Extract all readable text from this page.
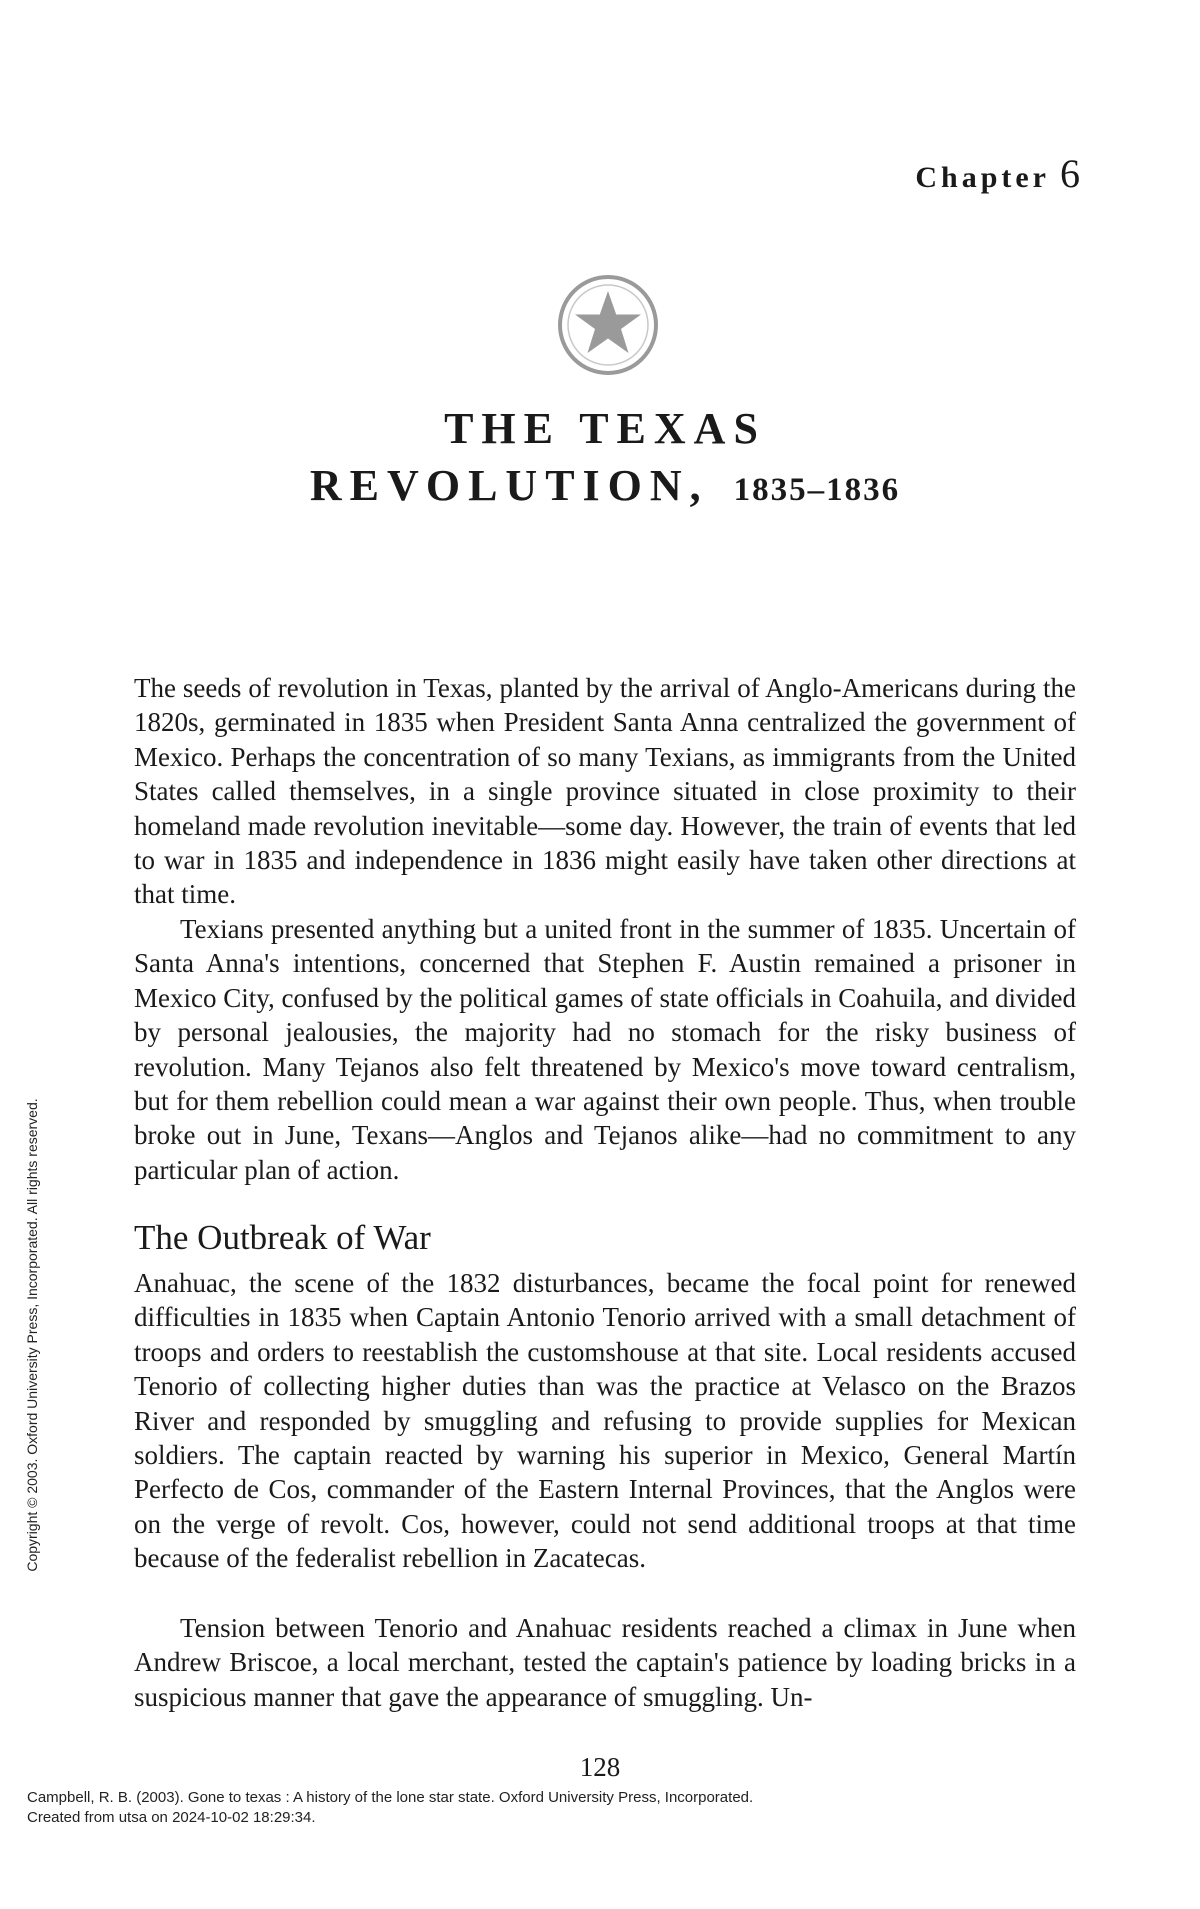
Chapter 6
THE TEXAS
REVOLUTION, 1835–1836

The seeds of revolution in Texas, planted by the arrival of Anglo-Americans during the 1820s, germinated in 1835 when President Santa Anna centralized the government of Mexico. Perhaps the concentration of so many Texians, as immigrants from the United States called themselves, in a single province situated in close proximity to their homeland made revolution inevitable—some day. However, the train of events that led to war in 1835 and independence in 1836 might easily have taken other directions at that time.

Texians presented anything but a united front in the summer of 1835. Uncertain of Santa Anna's intentions, concerned that Stephen F. Austin remained a prisoner in Mexico City, confused by the political games of state officials in Coahuila, and divided by personal jealousies, the majority had no stomach for the risky business of revolution. Many Tejanos also felt threatened by Mexico's move toward centralism, but for them rebellion could mean a war against their own people. Thus, when trouble broke out in June, Texans—Anglos and Tejanos alike—had no commitment to any particular plan of action.

The Outbreak of War

Anahuac, the scene of the 1832 disturbances, became the focal point for renewed difficulties in 1835 when Captain Antonio Tenorio arrived with a small detachment of troops and orders to reestablish the customshouse at that site. Local residents accused Tenorio of collecting higher duties than was the practice at Velasco on the Brazos River and responded by smuggling and refusing to provide supplies for Mexican soldiers. The captain reacted by warning his superior in Mexico, General Martín Perfecto de Cos, commander of the Eastern Internal Provinces, that the Anglos were on the verge of revolt. Cos, however, could not send additional troops at that time because of the federalist rebellion in Zacatecas.

Tension between Tenorio and Anahuac residents reached a climax in June when Andrew Briscoe, a local merchant, tested the captain's patience by loading bricks in a suspicious manner that gave the appearance of smuggling. Un-

128
Campbell, R. B. (2003). Gone to texas : A history of the lone star state. Oxford University Press, Incorporated.
Created from utsa on 2024-10-02 18:29:34.
Copyright © 2003. Oxford University Press, Incorporated. All rights reserved.
